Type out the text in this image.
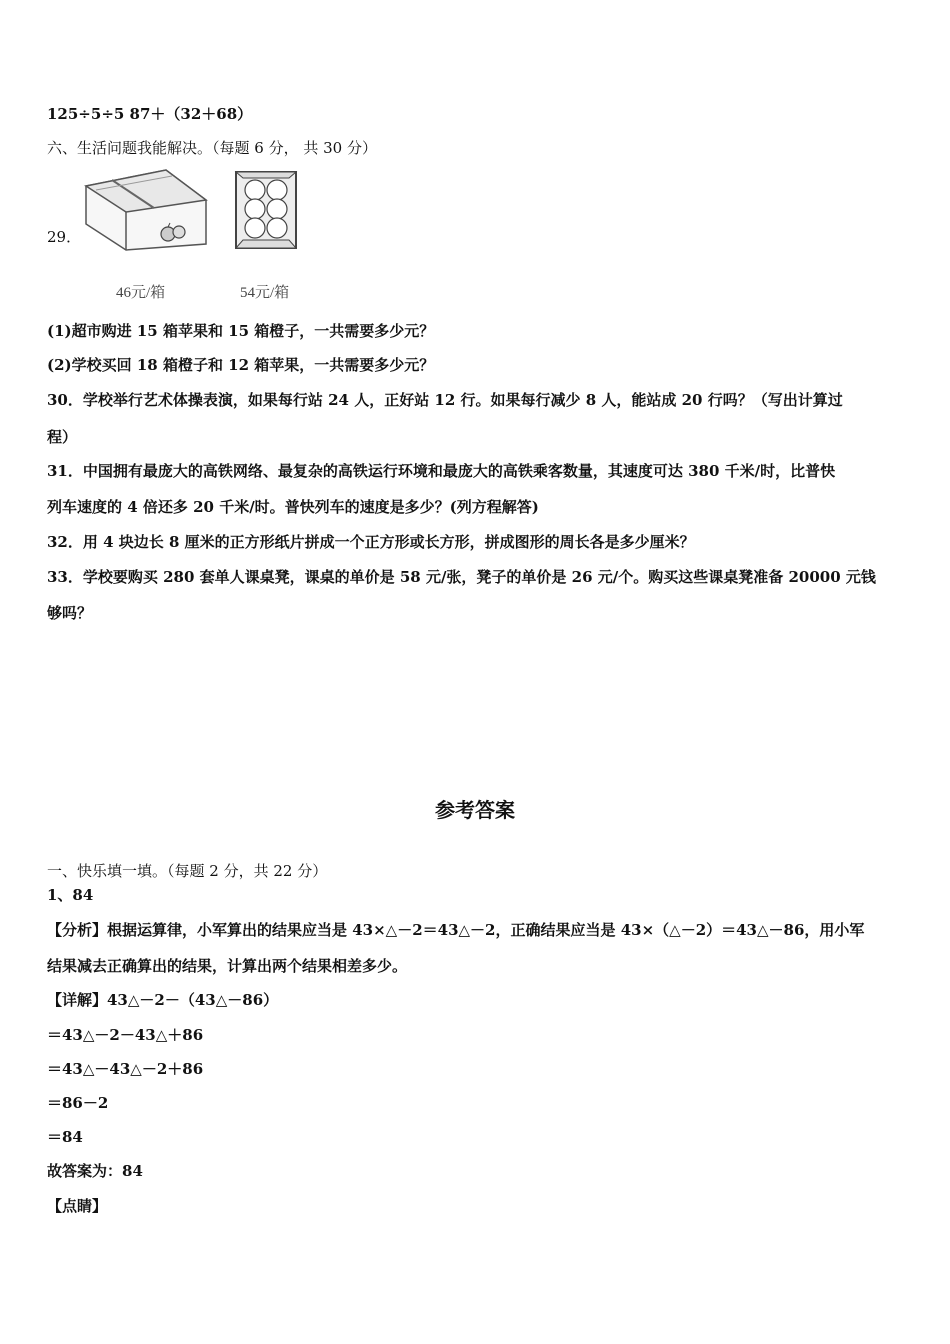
125÷5÷5 87＋（32＋68）
六、生活问题我能解决。（每题 6 分， 共 30 分）
29．
46元/箱	54元/箱
(1)超市购进 15 箱苹果和 15 箱橙子，一共需要多少元？
(2)学校买回 18 箱橙子和 12 箱苹果，一共需要多少元？
30．学校举行艺术体操表演，如果每行站 24 人，正好站 12 行。如果每行减少 8 人，能站成 20 行吗？（写出计算过
程）
31．中国拥有最庞大的高铁网络、最复杂的高铁运行环境和最庞大的高铁乘客数量，其速度可达 380 千米/时，比普快
列车速度的 4 倍还多 20 千米/时。普快列车的速度是多少？(列方程解答)
32．用 4 块边长 8 厘米的正方形纸片拼成一个正方形或长方形，拼成图形的周长各是多少厘米？
33．学校要购买 280 套单人课桌凳，课桌的单价是 58 元/张，凳子的单价是 26 元/个。购买这些课桌凳准备 20000 元钱
够吗？
参考答案
一、快乐填一填。（每题 2 分，共 22 分）
1、84
【分析】根据运算律，小军算出的结果应当是 43×△－2＝43△－2，正确结果应当是 43×（△－2）＝43△－86，用小军
结果减去正确算出的结果，计算出两个结果相差多少。
【详解】43△－2－（43△－86）
＝43△－2－43△＋86
＝43△－43△－2＋86
＝86－2
＝84
故答案为：84
【点睛】
